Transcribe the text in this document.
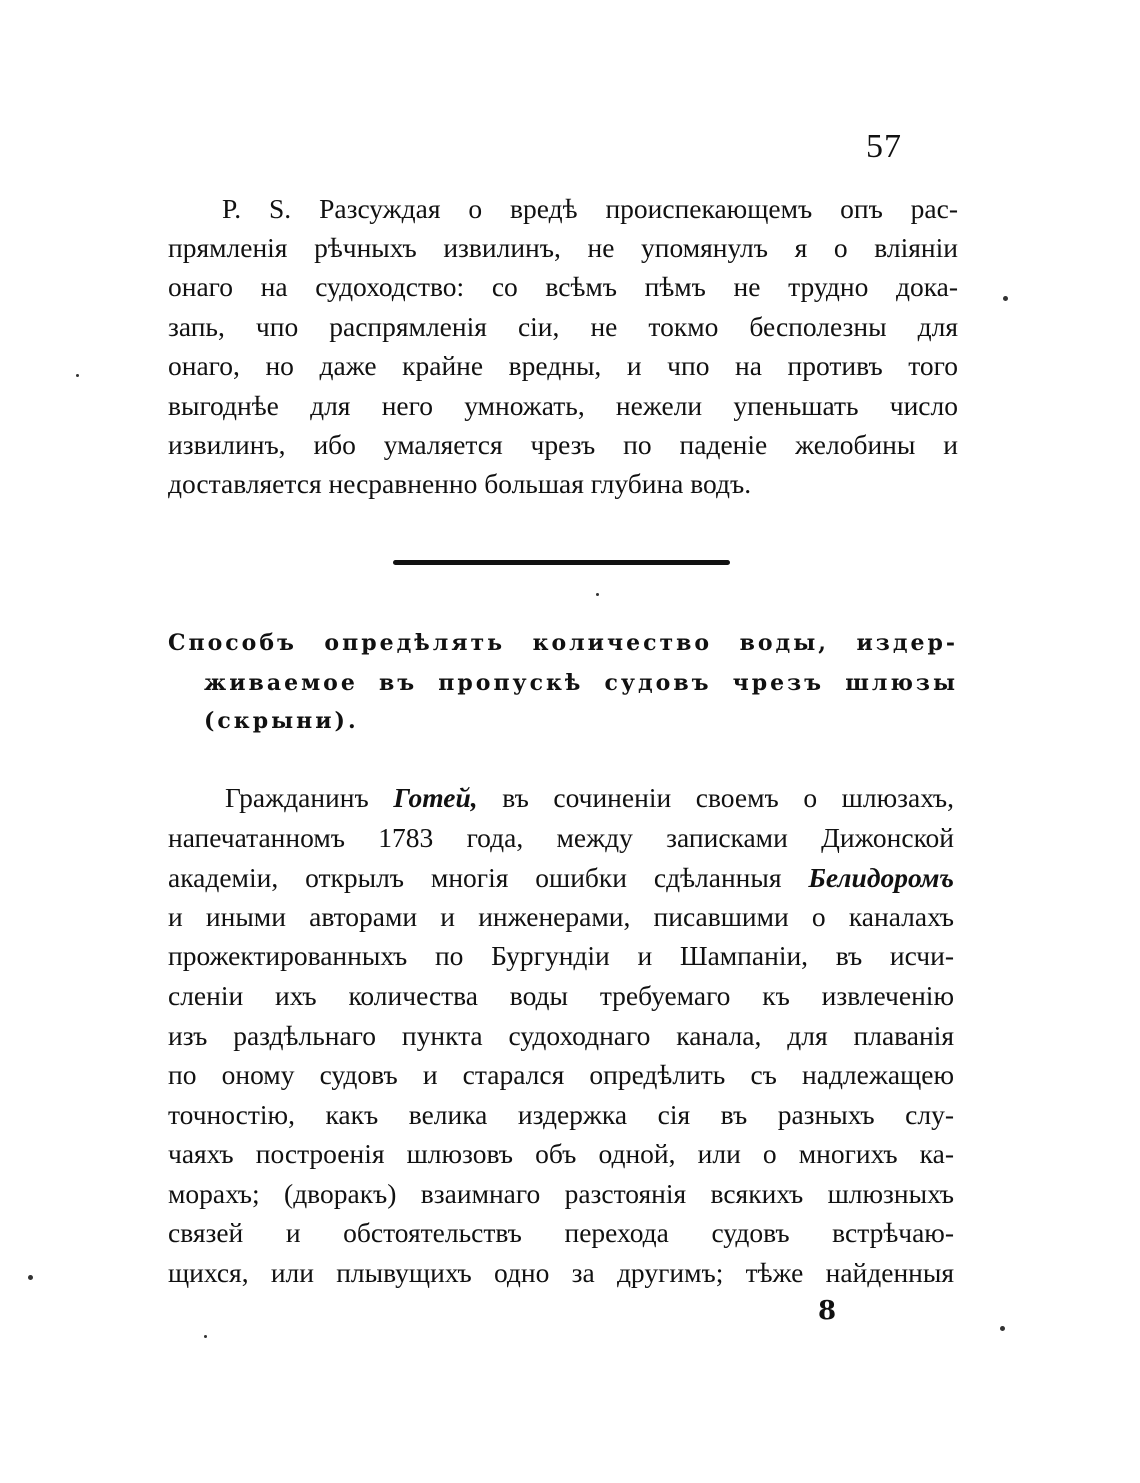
57
P. S. Разсуждая о вредѣ происпекающемъ опъ рас-
прямленія рѣчныхъ извилинъ, не упомянулъ я о вліяніи
онаго на судоходство: со всѣмъ пѣмъ не трудно дока-
запь, чпо распрямленія сіи, не токмо бесполезны для
онаго, но даже крайне вредны, и чпо на противъ того
выгоднѣе для него умножать, нежели упеньшать число
извилинъ, ибо умаляется чрезъ по паденіе желобины и
доставляется несравненно большая глубина водъ.
Способъ опредѣлять количество воды, издер-
живаемое въ пропускѣ судовъ чрезъ шлюзы
(скрыни).
Гражданинъ Готей, въ сочиненіи своемъ о шлюзахъ,
напечатанномъ 1783 года, между записками Дижонской
академіи, открылъ многія ошибки сдѣланныя Белидоромъ
и иными авторами и инженерами, писавшими о каналахъ
прожектированныхъ по Бургундіи и Шампаніи, въ исчи-
сленіи ихъ количества воды требуемаго къ извлеченію
изъ раздѣльнаго пункта судоходнаго канала, для плаванія
по оному судовъ и старался опредѣлить съ надлежащею
точностію, какъ велика издержка сія въ разныхъ слу-
чаяхъ построенія шлюзовъ объ одной, или о многихъ ка-
морахъ; (дворакъ) взаимнаго разстоянія всякихъ шлюзныхъ
связей и обстоятельствъ перехода судовъ встрѣчаю-
щихся, или плывущихъ одно за другимъ; тѣже найденныя
8
